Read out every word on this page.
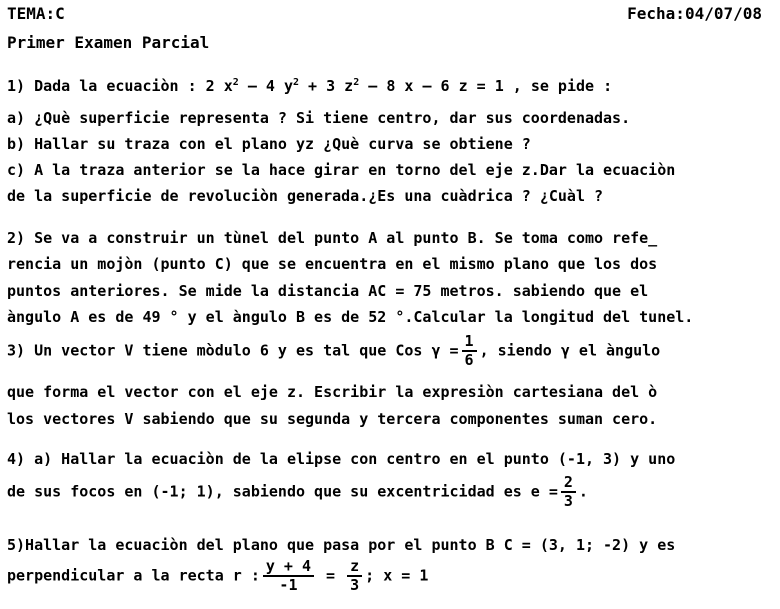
TEMA:C	Fecha:04/07/08
Primer Examen Parcial
1) Dada la ecuaciòn : 2 $x^2 - 4$ $y^2 + 3$ $z^2 - 8$ x – 6 z = 1 , se pide :
a) ¿Què superficie representa ? Si tiene centro, dar sus coordenadas.
b) Hallar su traza con el plano yz ¿Què curva se obtiene ?
c) A la traza anterior se la hace girar en torno del eje z.Dar la ecuaciòn
de la superficie de revoluciòn generada.¿Es una cuàdrica ? ¿Cuàl ?
2) Se va a construir un tùnel del punto A al punto B. Se toma como refe_
rencia un mojòn (punto C) que se encuentra en el mismo plano que los dos
puntos anteriores. Se mide la distancia AC = 75 metros. sabiendo que el
àngulo A es de 49 ° y el àngulo B es de 52 °.Calcular la longitud del tunel.
3) Un vector V tiene mòdulo 6 y es tal que Cos $\gamma = \frac{1}{6}$ , siendo γ el àngulo
que forma el vector con el eje z. Escribir la expresiòn cartesiana del ò
los vectores V sabiendo que su segunda y tercera componentes suman cero.
4) a) Hallar la ecuaciòn de la elipse con centro en el punto (-1, 3) y uno
de sus focos en (-1; 1), sabiendo que su excentricidad es $e = \frac{2}{3}$ .
5)Hallar la ecuaciòn del plano que pasa por el punto B C = (3, 1; -2) y es
perpendicular a la recta r : $\frac{y + 4}{-1} = \frac{z}{3}$ ; x = 1
